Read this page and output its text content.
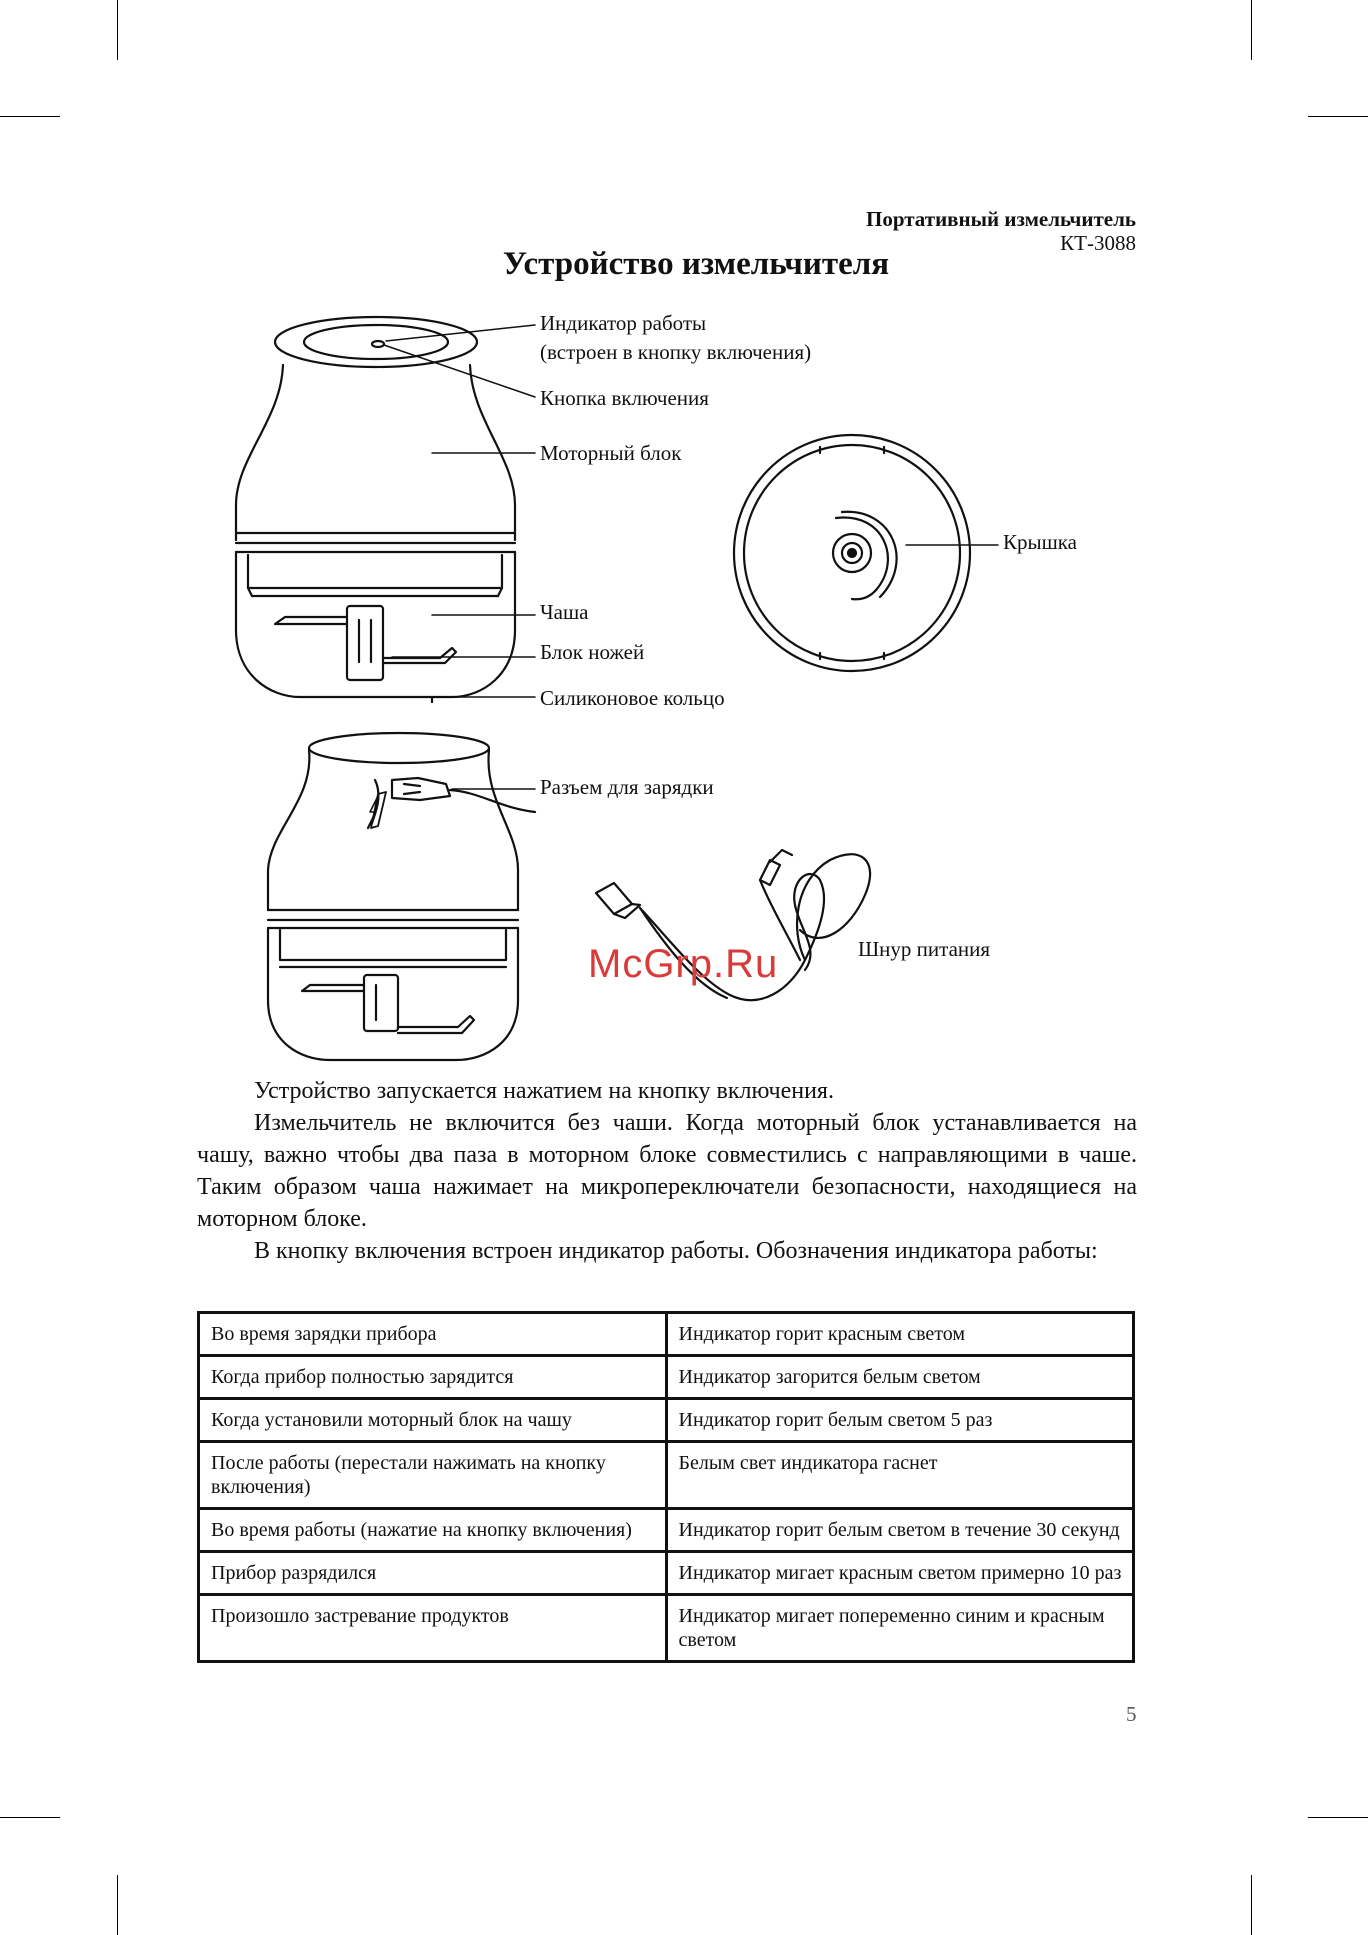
Портативный измельчитель
КТ-3088
Устройство измельчителя
Индикатор работы
(встроен в кнопку включения)
Кнопка включения
Моторный блок
Крышка
Чаша
Блок ножей
Силиконовое кольцо
Разъем для зарядки
Шнур питания
McGrp.Ru

Устройство запускается нажатием на кнопку включения.

Измельчитель не включится без чаши. Когда моторный блок устанавливается на чашу, важно чтобы два паза в моторном блоке совместились с направляющими в чаше. Таким образом чаша нажимает на микропереключатели безопасности, находящиеся на моторном блоке.

В кнопку включения встроен индикатор работы. Обозначения индикатора работы:

Во время зарядки прибора	Индикатор горит красным светом
Когда прибор полностью зарядится	Индикатор загорится белым светом
Когда установили моторный блок на чашу	Индикатор горит белым светом 5 раз
После работы (перестали нажимать на кнопку включения)	Белым свет индикатора гаснет
Во время работы (нажатие на кнопку включения)	Индикатор горит белым светом в течение 30 секунд
Прибор разрядился	Индикатор мигает красным светом примерно 10 раз
Произошло застревание продуктов	Индикатор мигает попеременно синим и красным светом
5
